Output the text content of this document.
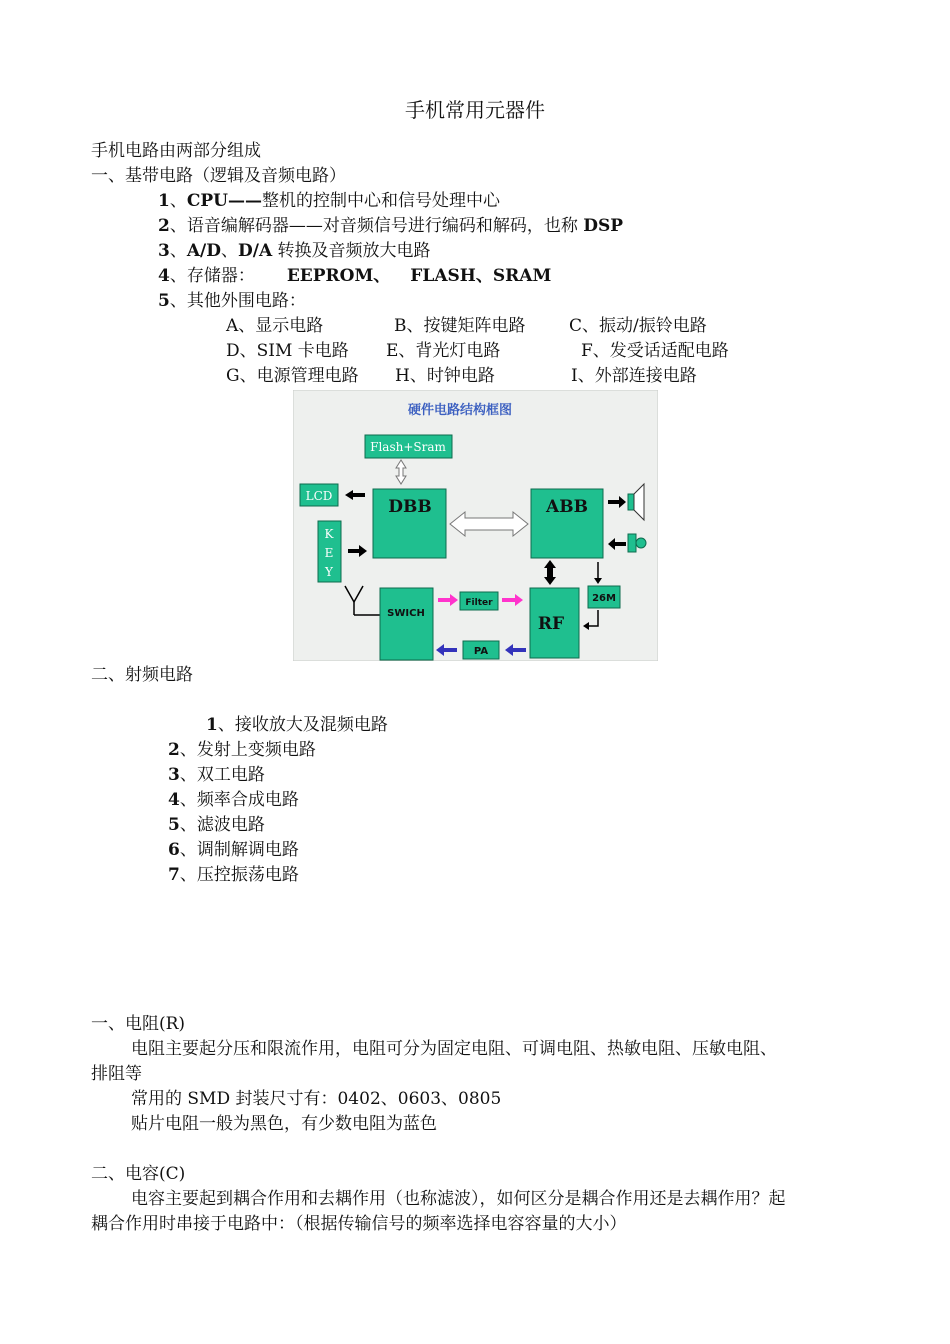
手机常用元器件
手机电路由两部分组成
一、基带电路（逻辑及音频电路）
1、CPU——整机的控制中心和信号处理中心
2、语音编解码器——对音频信号进行编码和解码，也称 DSP
3、A/D、D/A 转换及音频放大电路
4、存储器： EEPROM、 FLASH、SRAM
5、其他外围电路：
A、显示电路	B、按键矩阵电路	C、振动/振铃电路
D、SIM 卡电路 E、背光灯电路	F、发受话适配电路
G、电源管理电路 H、时钟电路	I、外部连接电路
硬件电路结构框图
Flash+Sram
LCD
K
E
Y
DBB	ABB
26M
SWICH
Filter
RF
PA
二、射频电路
1、接收放大及混频电路
2、发射上变频电路
3、双工电路
4、频率合成电路
5、滤波电路
6、调制解调电路
7、压控振荡电路
一、电阻(R)
电阻主要起分压和限流作用，电阻可分为固定电阻、可调电阻、热敏电阻、压敏电阻、
排阻等
常用的 SMD 封装尺寸有：0402、0603、0805
贴片电阻一般为黑色，有少数电阻为蓝色
二、电容(C)
电容主要起到耦合作用和去耦作用（也称滤波），如何区分是耦合作用还是去耦作用？起
耦合作用时串接于电路中：（根据传输信号的频率选择电容容量的大小）
